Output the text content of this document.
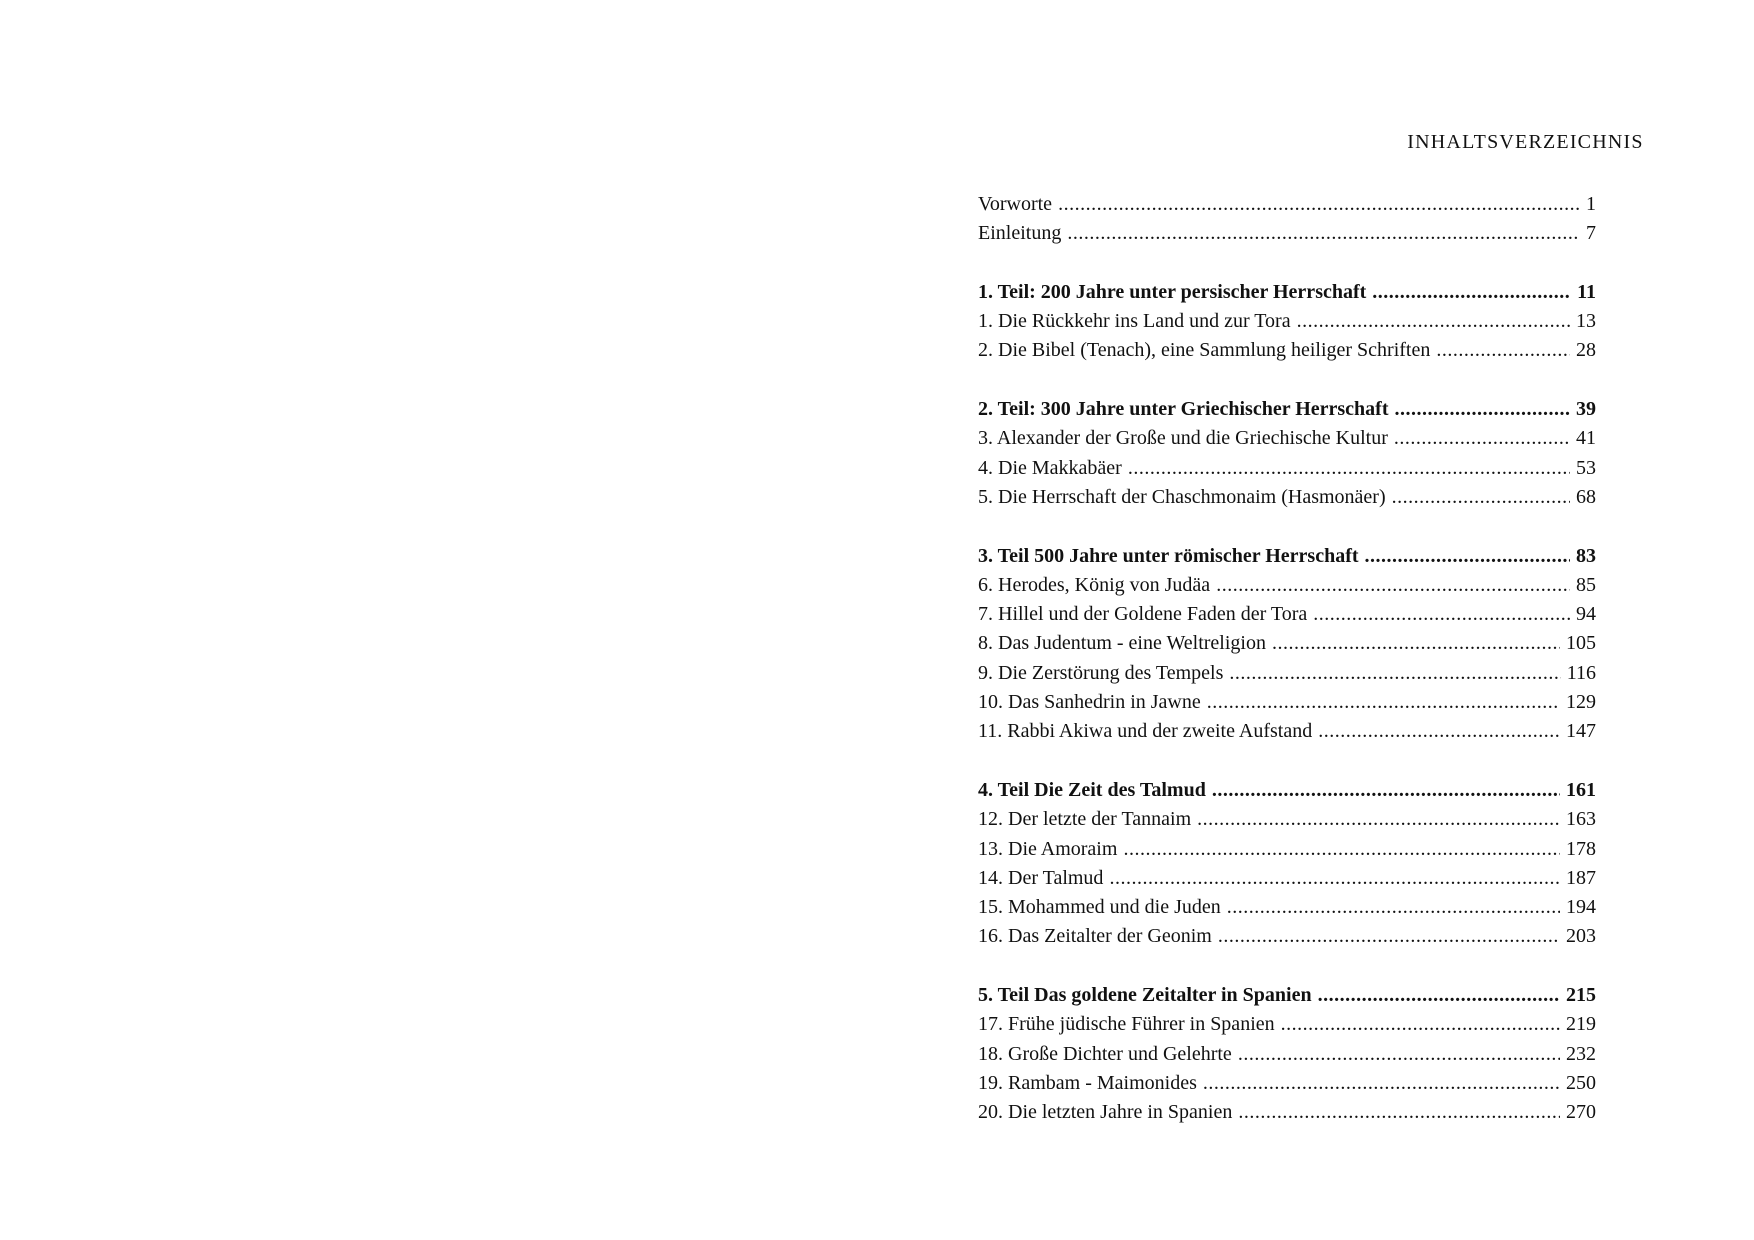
INHALTSVERZEICHNIS
Vorworte .....	1
Einleitung .....	7
1. Teil: 200 Jahre unter persischer Herrschaft .....	11
1. Die Rückkehr ins Land und zur Tora .....	13
2. Die Bibel (Tenach), eine Sammlung heiliger Schriften .....	28
2. Teil: 300 Jahre unter Griechischer Herrschaft .....	39
3. Alexander der Große und die Griechische Kultur .....	41
4. Die Makkabäer .....	53
5. Die Herrschaft der Chaschmonaim (Hasmonäer) .....	68
3. Teil 500 Jahre unter römischer Herrschaft .....	83
6. Herodes, König von Judäa .....	85
7. Hillel und der Goldene Faden der Tora .....	94
8. Das Judentum - eine Weltreligion .....	105
9. Die Zerstörung des Tempels .....	116
10. Das Sanhedrin in Jawne .....	129
11. Rabbi Akiwa und der zweite Aufstand .....	147
4. Teil Die Zeit des Talmud .....	161
12. Der letzte der Tannaim .....	163
13. Die Amoraim .....	178
14. Der Talmud .....	187
15. Mohammed und die Juden .....	194
16. Das Zeitalter der Geonim .....	203
5. Teil Das goldene Zeitalter in Spanien .....	215
17. Frühe jüdische Führer in Spanien .....	219
18. Große Dichter und Gelehrte .....	232
19. Rambam - Maimonides .....	250
20. Die letzten Jahre in Spanien .....	270
